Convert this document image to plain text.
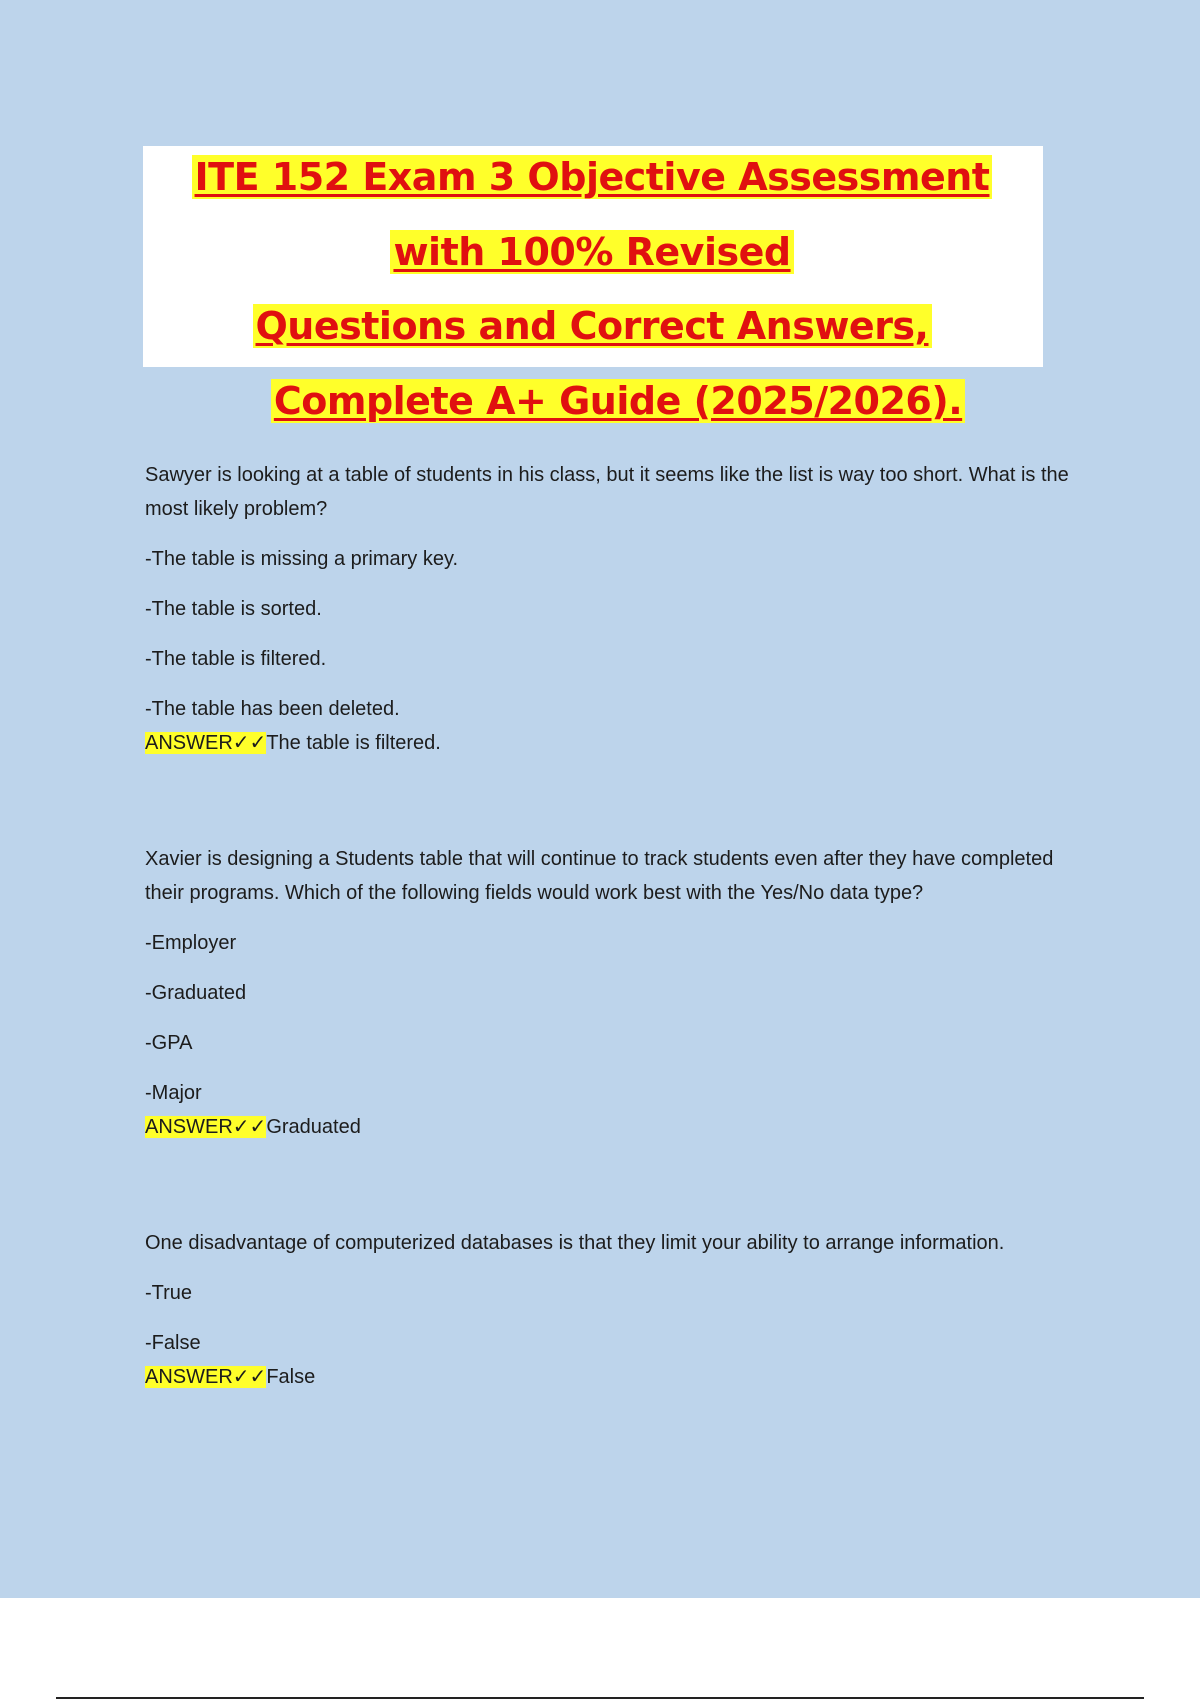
ITE 152 Exam 3 Objective Assessment
with 100% Revised
Questions and Correct Answers,
Complete A+ Guide (2025/2026).

Sawyer is looking at a table of students in his class, but it seems like the list is way too short. What is the most likely problem?

-The table is missing a primary key.

-The table is sorted.

-The table is filtered.

-The table has been deleted.

ANSWER✓✓The table is filtered.

Xavier is designing a Students table that will continue to track students even after they have completed their programs. Which of the following fields would work best with the Yes/No data type?

-Employer

-Graduated

-GPA

-Major

ANSWER✓✓Graduated

One disadvantage of computerized databases is that they limit your ability to arrange information.

-True

-False

ANSWER✓✓False
